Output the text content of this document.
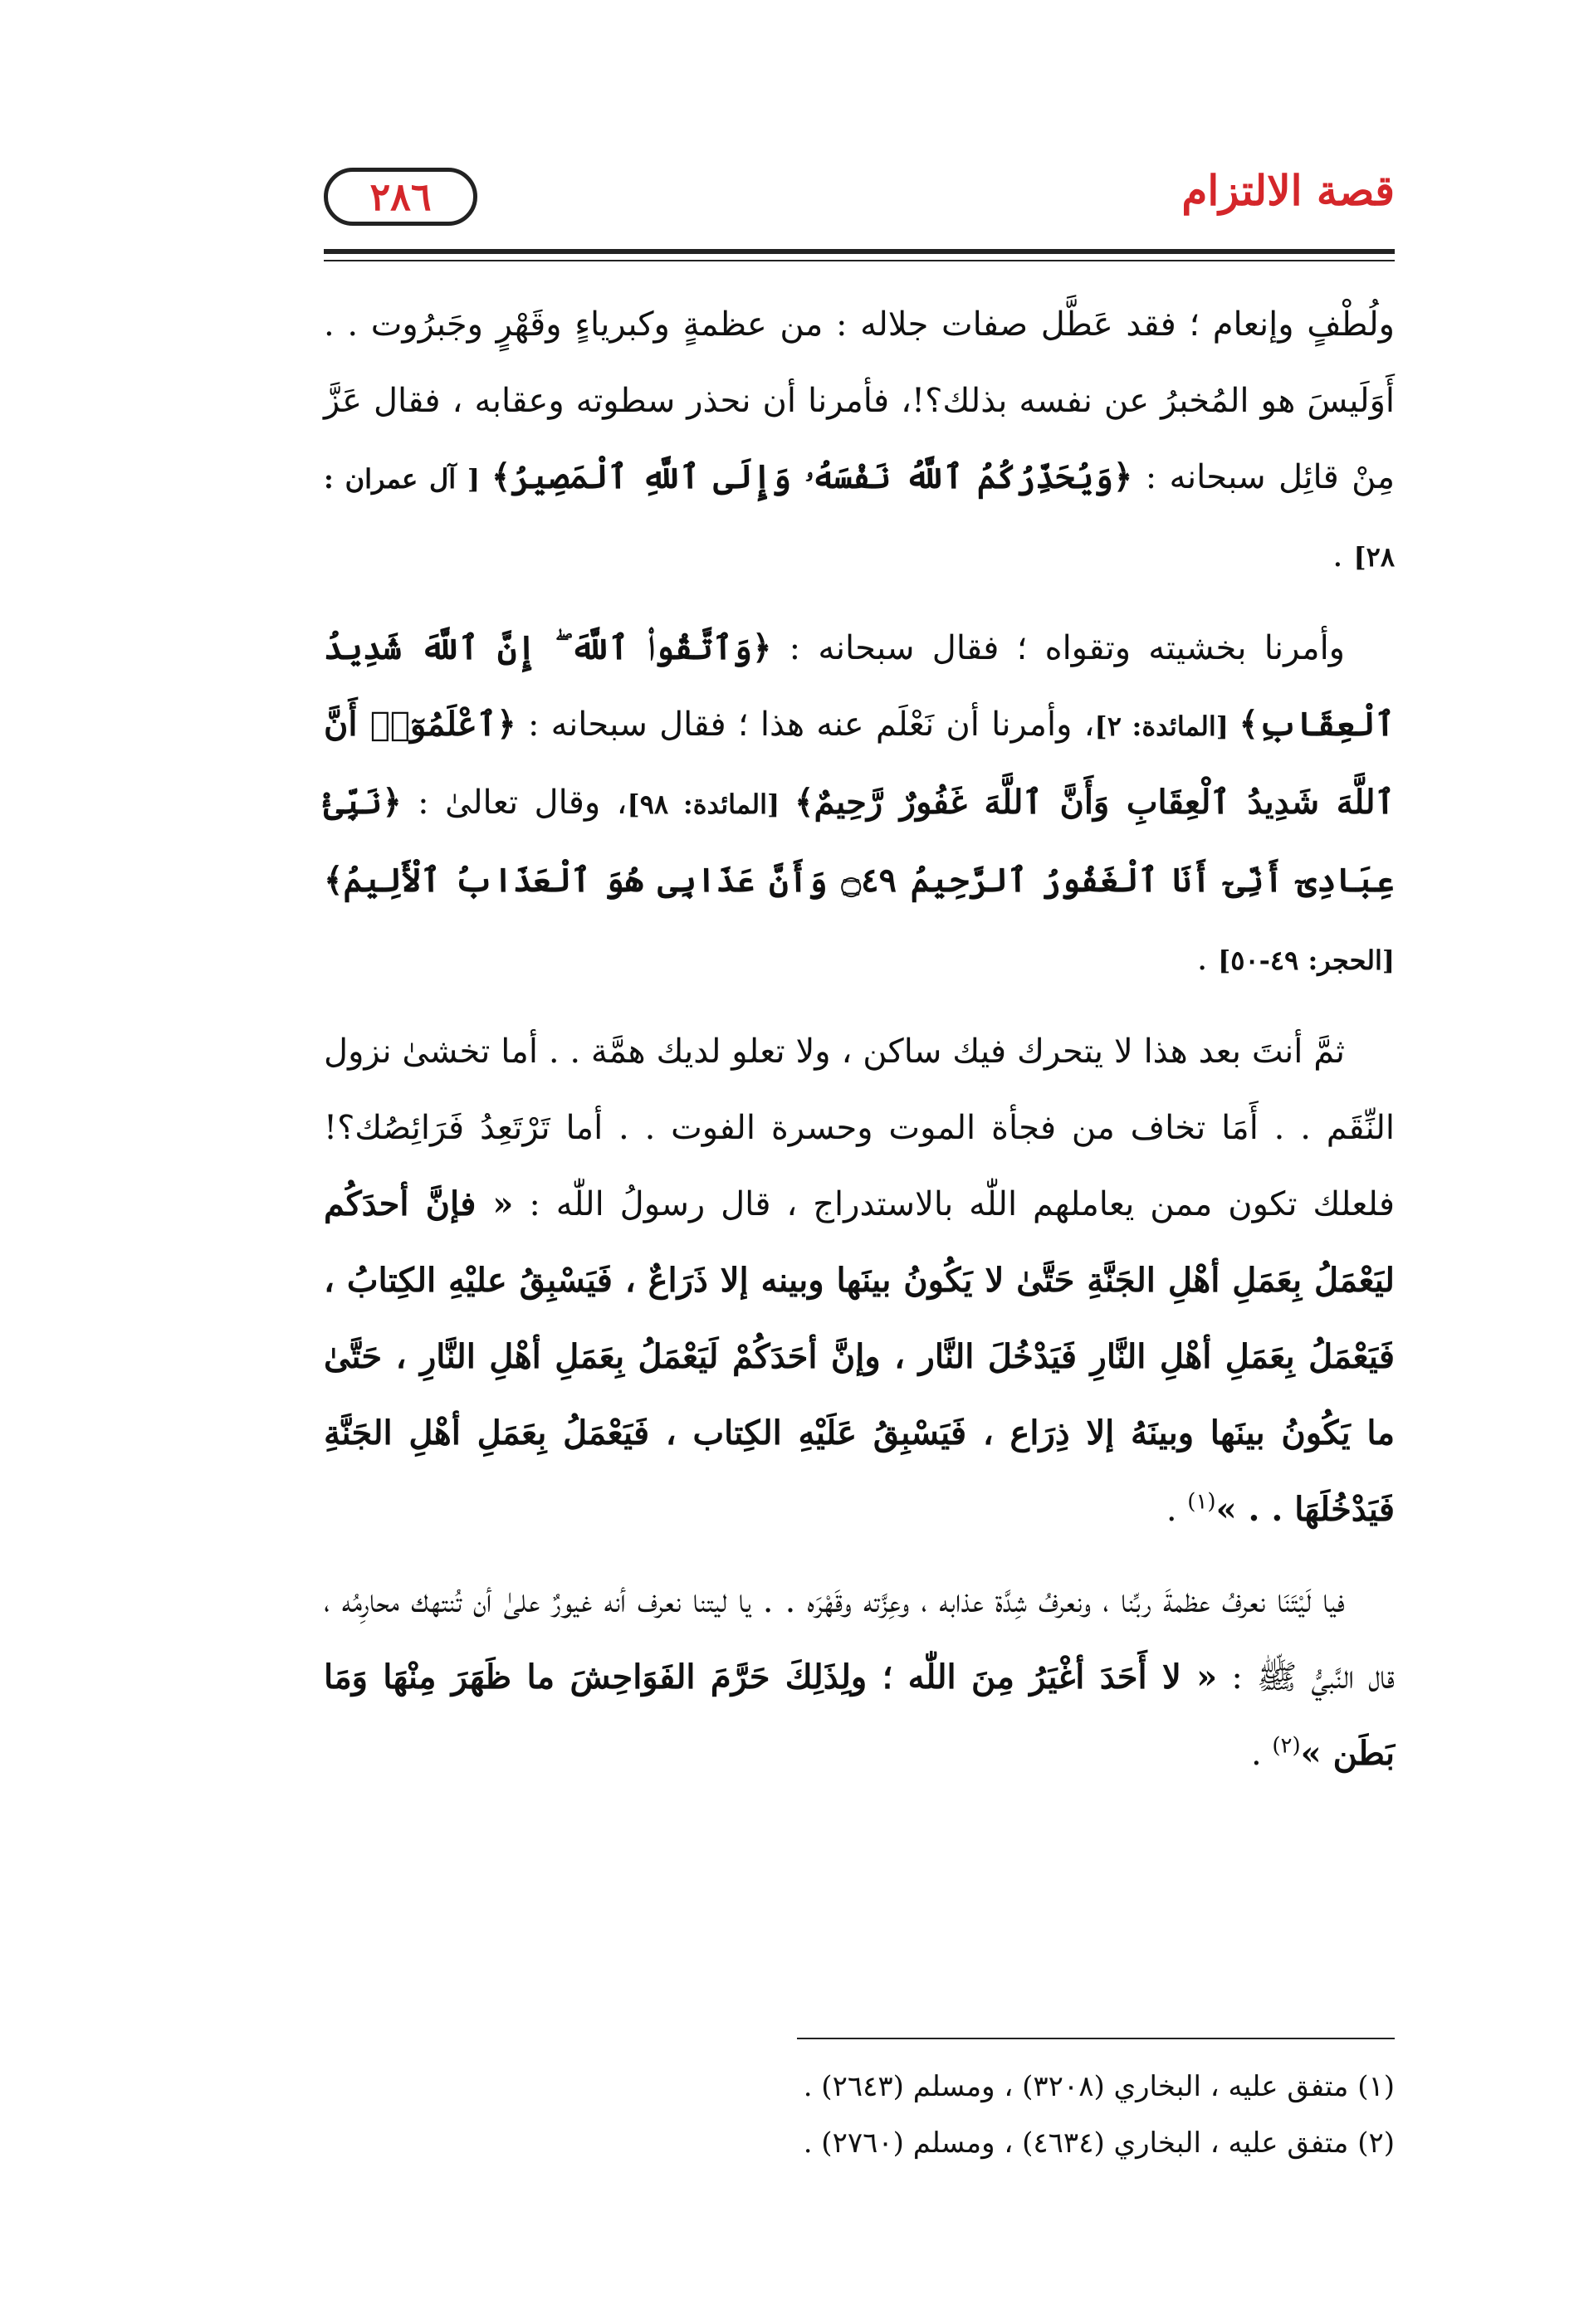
قصة الالتزام
٢٨٦

ولُطْفٍ وإنعام ؛ فقد عَطَّل صفات جلاله : من عظمةٍ وكبرياءٍ وقَهْرٍ وجَبرُوت . . أَوَلَيسَ هو المُخبرُ عن نفسه بذلك؟!، فأمرنا أن نحذر سطوته وعقابه ، فقال عَزَّ مِنْ قائِل سبحانه : ﴿وَيُحَذِّرُكُمُ ٱللَّهُ نَفْسَهُۥ وَإِلَى ٱللَّهِ ٱلْمَصِيرُ﴾ [ آل عمران : ٢٨] .

وأمرنا بخشيته وتقواه ؛ فقال سبحانه : ﴿وَٱتَّقُوا۟ ٱللَّهَ ۖ إِنَّ ٱللَّهَ شَدِيدُ ٱلْعِقَابِ﴾ [المائدة: ٢]، وأمرنا أن نَعْلَم عنه هذا ؛ فقال سبحانه : ﴿ٱعْلَمُوٓا۟ أَنَّ ٱللَّهَ شَدِيدُ ٱلْعِقَابِ وَأَنَّ ٱللَّهَ غَفُورٌ رَّحِيمٌ﴾ [المائدة: ٩٨]، وقال تعالىٰ : ﴿نَبِّئْ عِبَادِىٓ أَنِّىٓ أَنَا ٱلْغَفُورُ ٱلرَّحِيمُ ۝٤٩ وَأَنَّ عَذَابِى هُوَ ٱلْعَذَابُ ٱلْأَلِيمُ﴾ [الحجر: ٤٩-٥٠] .

ثمَّ أنتَ بعد هذا لا يتحرك فيك ساكن ، ولا تعلو لديك همَّة . . أما تخشىٰ نزول النِّقَم . . أَمَا تخاف من فجأة الموت وحسرة الفوت . . أما تَرْتَعِدُ فَرَائِصُك؟! فلعلك تكون ممن يعاملهم اللّٰه بالاستدراج ، قال رسولُ اللّٰه : « فإنَّ أحدَكُم ليَعْمَلُ بِعَمَلِ أهْلِ الجَنَّةِ حَتَّىٰ لا يَكُونُ بينَها وبينه إلا ذَرَاعٌ ، فَيَسْبِقُ عليْهِ الكِتابُ ، فَيَعْمَلُ بِعَمَلِ أهْلِ النَّارِ فَيَدْخُلَ النَّار ، وإنَّ أحَدَكُمْ لَيَعْمَلُ بِعَمَلِ أهْلِ النَّارِ ، حَتَّىٰ ما يَكُونُ بينَها وبينَهُ إلا ذِرَاع ، فَيَسْبِقُ عَلَيْهِ الكِتاب ، فَيَعْمَلُ بِعَمَلِ أهْلِ الجَنَّةِ فَيَدْخُلَهَا . . »$^{(١)}$ .

فيا لَيْتَنَا نعرفُ عظمةَ ربِّنا ، ونعرفُ شِدَّة عذابه ، وعِزَّته وقَهْرَه . . يا ليتنا نعرف أنه غيورٌ علىٰ أن تُنتهك محارِمُه ، قال النَّبيُّ ﷺ : « لا أَحَدَ أغْيَرُ مِنَ اللّٰه ؛ ولِذَلِكَ حَرَّمَ الفَوَاحِشَ ما ظَهَرَ مِنْهَا وَمَا بَطَن »$^{(٢)}$ .

(١) متفق عليه ، البخاري (٣٢٠٨) ، ومسلم (٢٦٤٣) .

(٢) متفق عليه ، البخاري (٤٦٣٤) ، ومسلم (٢٧٦٠) .
